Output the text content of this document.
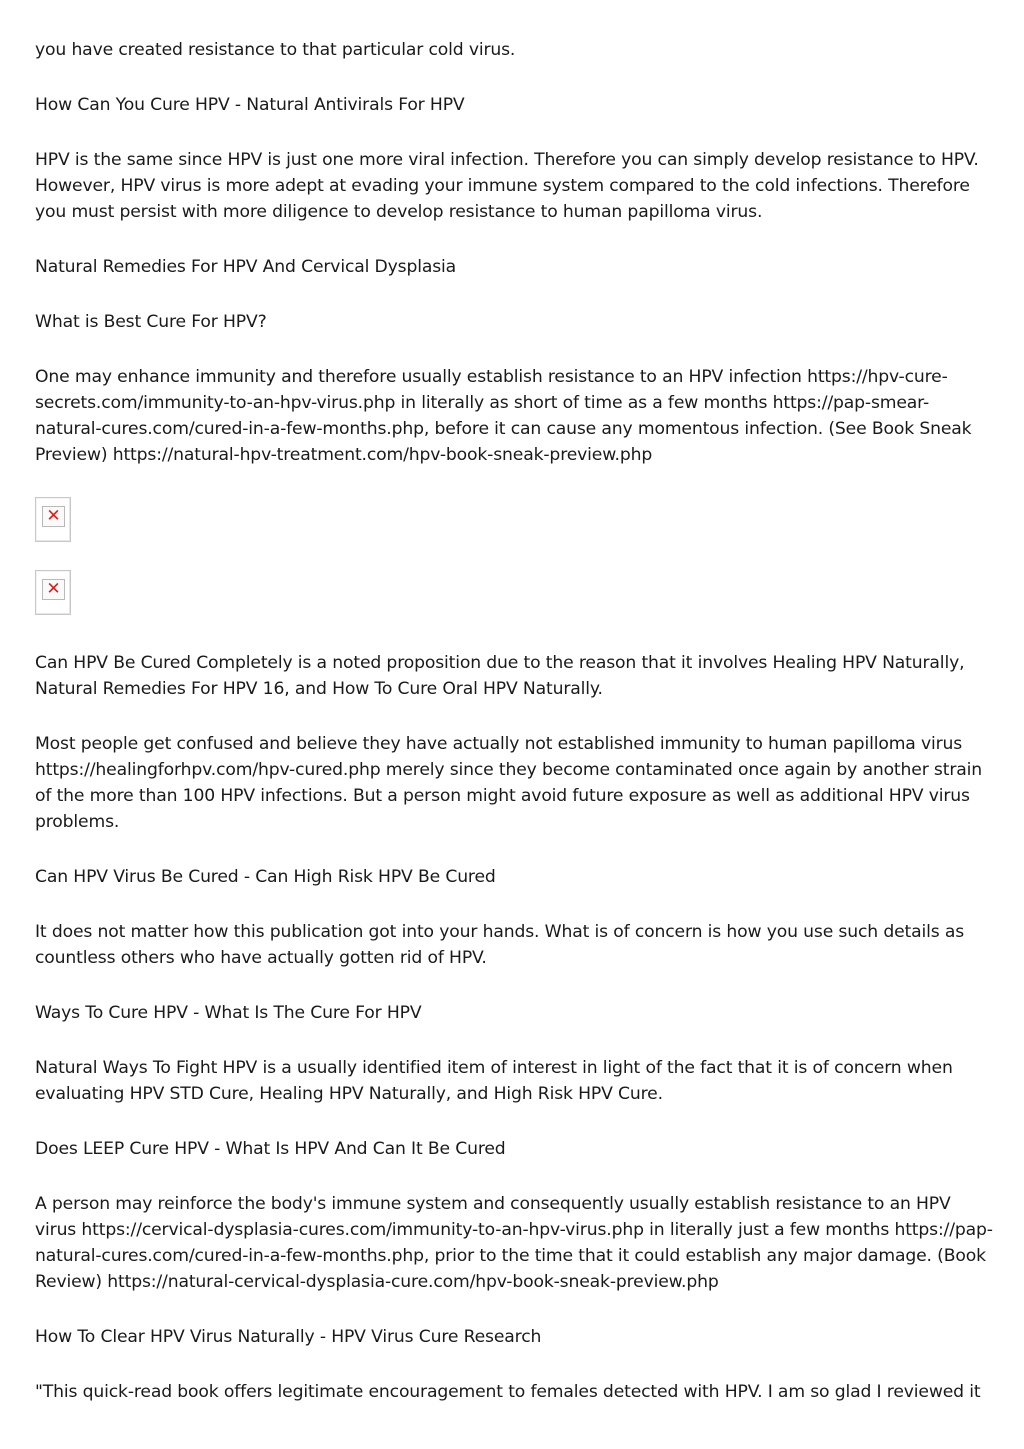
you have created resistance to that particular cold virus.

How Can You Cure HPV - Natural Antivirals For HPV

HPV is the same since HPV is just one more viral infection. Therefore you can simply develop resistance to HPV. However, HPV virus is more adept at evading your immune system compared to the cold infections. Therefore you must persist with more diligence to develop resistance to human papilloma virus.

Natural Remedies For HPV And Cervical Dysplasia

What is Best Cure For HPV?

One may enhance immunity and therefore usually establish resistance to an HPV infection https://hpv-cure-secrets.com/immunity-to-an-hpv-virus.php in literally as short of time as a few months https://pap-smear-natural-cures.com/cured-in-a-few-months.php, before it can cause any momentous infection. (See Book Sneak Preview) https://natural-hpv-treatment.com/hpv-book-sneak-preview.php

✕
✕

Can HPV Be Cured Completely is a noted proposition due to the reason that it involves Healing HPV Naturally, Natural Remedies For HPV 16, and How To Cure Oral HPV Naturally.

Most people get confused and believe they have actually not established immunity to human papilloma virus https://healingforhpv.com/hpv-cured.php merely since they become contaminated once again by another strain of the more than 100 HPV infections. But a person might avoid future exposure as well as additional HPV virus problems.

Can HPV Virus Be Cured - Can High Risk HPV Be Cured

It does not matter how this publication got into your hands. What is of concern is how you use such details as countless others who have actually gotten rid of HPV.

Ways To Cure HPV - What Is The Cure For HPV

Natural Ways To Fight HPV is a usually identified item of interest in light of the fact that it is of concern when evaluating HPV STD Cure, Healing HPV Naturally, and High Risk HPV Cure.

Does LEEP Cure HPV - What Is HPV And Can It Be Cured

A person may reinforce the body's immune system and consequently usually establish resistance to an HPV virus https://cervical-dysplasia-cures.com/immunity-to-an-hpv-virus.php in literally just a few months https://pap-natural-cures.com/cured-in-a-few-months.php, prior to the time that it could establish any major damage. (Book Review) https://natural-cervical-dysplasia-cure.com/hpv-book-sneak-preview.php

How To Clear HPV Virus Naturally - HPV Virus Cure Research

"This quick-read book offers legitimate encouragement to females detected with HPV. I am so glad I reviewed it
